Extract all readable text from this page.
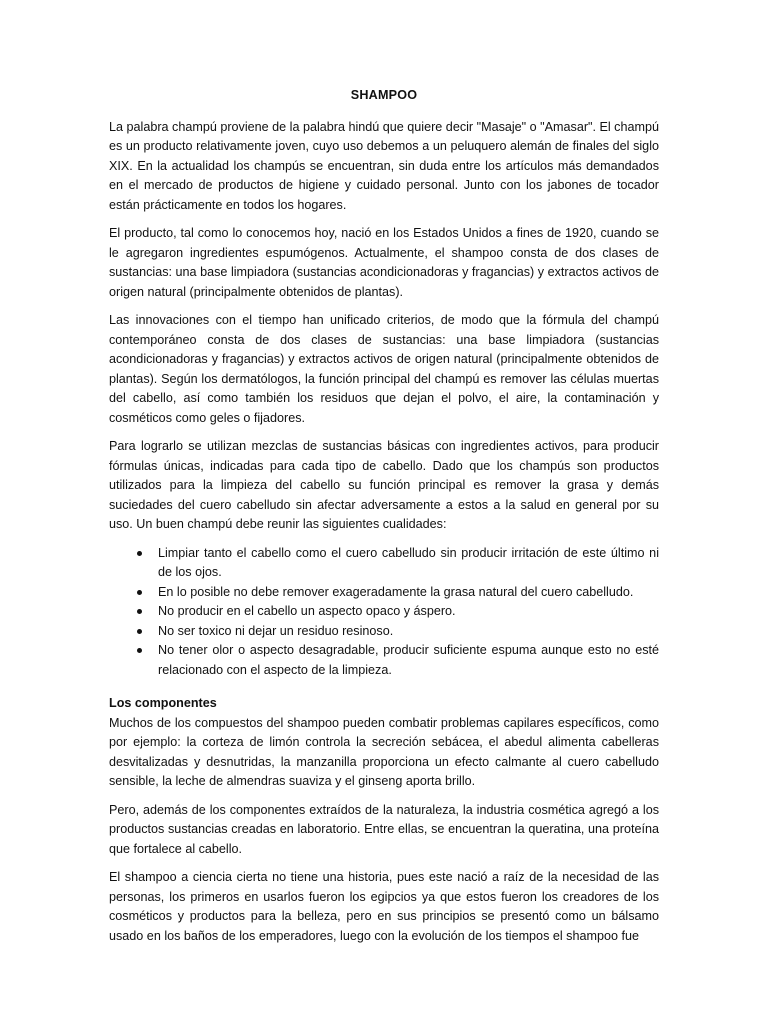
SHAMPOO

La palabra champú proviene de la palabra hindú que quiere decir "Masaje" o "Amasar". El champú es un producto relativamente joven, cuyo uso debemos a un peluquero alemán de finales del siglo XIX. En la actualidad los champús se encuentran, sin duda entre los artículos más demandados en el mercado de productos de higiene y cuidado personal. Junto con los jabones de tocador están prácticamente en todos los hogares.

El producto, tal como lo conocemos hoy, nació en los Estados Unidos a fines de 1920, cuando se le agregaron ingredientes espumógenos. Actualmente, el shampoo consta de dos clases de sustancias: una base limpiadora (sustancias acondicionadoras y fragancias) y extractos activos de origen natural (principalmente obtenidos de plantas).

Las innovaciones con el tiempo han unificado criterios, de modo que la fórmula del champú contemporáneo consta de dos clases de sustancias: una base limpiadora (sustancias acondicionadoras y fragancias) y extractos activos de origen natural (principalmente obtenidos de plantas). Según los dermatólogos, la función principal del champú es remover las células muertas del cabello, así como también los residuos que dejan el polvo, el aire, la contaminación y cosméticos como geles o fijadores.

Para lograrlo se utilizan mezclas de sustancias básicas con ingredientes activos, para producir fórmulas únicas, indicadas para cada tipo de cabello. Dado que los champús son productos utilizados para la limpieza del cabello su función principal es remover la grasa y demás suciedades del cuero cabelludo sin afectar adversamente a estos a la salud en general por su uso. Un buen champú debe reunir las siguientes cualidades:

Limpiar tanto el cabello como el cuero cabelludo sin producir irritación de este último ni de los ojos.
En lo posible no debe remover exageradamente la grasa natural del cuero cabelludo.
No producir en el cabello un aspecto opaco y áspero.
No ser toxico ni dejar un residuo resinoso.
No tener olor o aspecto desagradable, producir suficiente espuma aunque esto no esté relacionado con el aspecto de la limpieza.
Los componentes

Muchos de los compuestos del shampoo pueden combatir problemas capilares específicos, como por ejemplo: la corteza de limón controla la secreción sebácea, el abedul alimenta cabelleras desvitalizadas y desnutridas, la manzanilla proporciona un efecto calmante al cuero cabelludo sensible, la leche de almendras suaviza y el ginseng aporta brillo.

Pero, además de los componentes extraídos de la naturaleza, la industria cosmética agregó a los productos sustancias creadas en laboratorio. Entre ellas, se encuentran la queratina, una proteína que fortalece al cabello.

El shampoo a ciencia cierta no tiene una historia, pues este nació a raíz de la necesidad de las personas, los primeros en usarlos fueron los egipcios ya que estos fueron los creadores de los cosméticos y productos para la belleza, pero en sus principios se presentó como un bálsamo usado en los baños de los emperadores, luego con la evolución de los tiempos el shampoo fue
